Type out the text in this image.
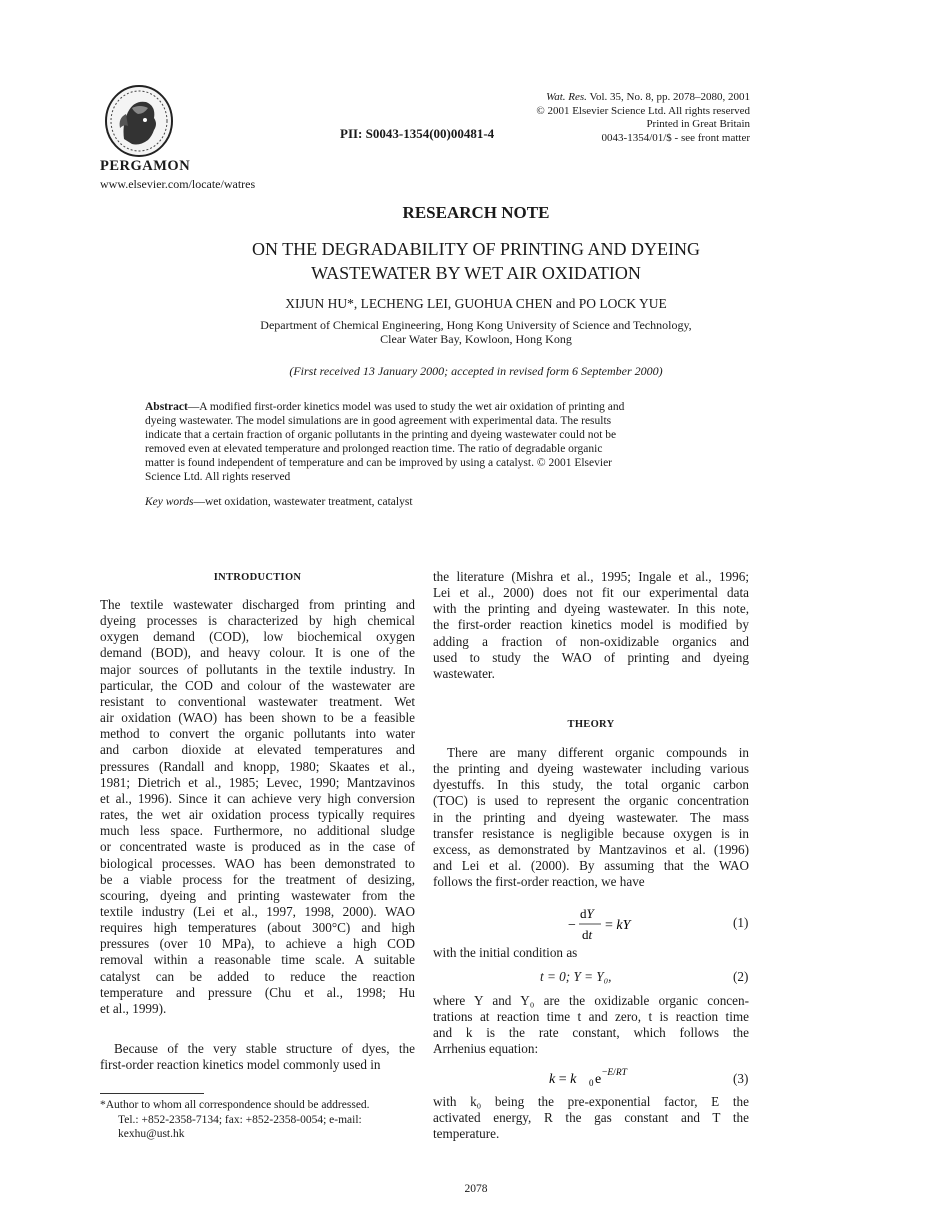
PERGAMON
www.elsevier.com/locate/watres
PII: S0043-1354(00)00481-4
Wat. Res. Vol. 35, No. 8, pp. 2078–2080, 2001
© 2001 Elsevier Science Ltd. All rights reserved
Printed in Great Britain
0043-1354/01/$ - see front matter
RESEARCH NOTE
ON THE DEGRADABILITY OF PRINTING AND DYEING
WASTEWATER BY WET AIR OXIDATION
XIJUN HU*, LECHENG LEI, GUOHUA CHEN and PO LOCK YUE
Department of Chemical Engineering, Hong Kong University of Science and Technology,
Clear Water Bay, Kowloon, Hong Kong
(First received 13 January 2000; accepted in revised form 6 September 2000)
Abstract—A modified first-order kinetics model was used to study the wet air oxidation of printing and
dyeing wastewater. The model simulations are in good agreement with experimental data. The results
indicate that a certain fraction of organic pollutants in the printing and dyeing wastewater could not be
removed even at elevated temperature and prolonged reaction time. The ratio of degradable organic
matter is found independent of temperature and can be improved by using a catalyst. © 2001 Elsevier
Science Ltd. All rights reserved
Key words—wet oxidation, wastewater treatment, catalyst
INTRODUCTION
The textile wastewater discharged from printing and
dyeing processes is characterized by high chemical
oxygen demand (COD), low biochemical oxygen
demand (BOD), and heavy colour. It is one of the
major sources of pollutants in the textile industry. In
particular, the COD and colour of the wastewater are
resistant to conventional wastewater treatment. Wet
air oxidation (WAO) has been shown to be a feasible
method to convert the organic pollutants into water
and carbon dioxide at elevated temperatures and
pressures (Randall and knopp, 1980; Skaates et al.,
1981; Dietrich et al., 1985; Levec, 1990; Mantzavinos
et al., 1996). Since it can achieve very high conversion
rates, the wet air oxidation process typically requires
much less space. Furthermore, no additional sludge
or concentrated waste is produced as in the case of
biological processes. WAO has been demonstrated to
be a viable process for the treatment of desizing,
scouring, dyeing and printing wastewater from the
textile industry (Lei et al., 1997, 1998, 2000). WAO
requires high temperatures (about 300°C) and high
pressures (over 10 MPa), to achieve a high COD
removal within a reasonable time scale. A suitable
catalyst can be added to reduce the reaction
temperature and pressure (Chu et al., 1998; Hu
et al., 1999).
Because of the very stable structure of dyes, the
first-order reaction kinetics model commonly used in
*Author to whom all correspondence should be addressed.
Tel.: +852-2358-7134; fax: +852-2358-0054; e-mail:
kexhu@ust.hk
the literature (Mishra et al., 1995; Ingale et al., 1996;
Lei et al., 2000) does not fit our experimental data
with the printing and dyeing wastewater. In this note,
the first-order reaction kinetics model is modified by
adding a fraction of non-oxidizable organics and
used to study the WAO of printing and dyeing
wastewater.
THEORY
There are many different organic compounds in
the printing and dyeing wastewater including various
dyestuffs. In this study, the total organic carbon
(TOC) is used to represent the organic concentration
in the printing and dyeing wastewater. The mass
transfer resistance is negligible because oxygen is in
excess, as demonstrated by Mantzavinos et al. (1996)
and Lei et al. (2000). By assuming that the WAO
follows the first-order reaction, we have
−
dY
dt
= kY	(1)
with the initial condition as
t = 0; Y = Y₀,	(2)
where Y and Y₀ are the oxidizable organic concen-
trations at reaction time t and zero, t is reaction time
and k is the rate constant, which follows the
Arrhenius equation:
k = k 0 e −E/RT	(3)
with k₀ being the pre-exponential factor, E the
activated energy, R the gas constant and T the
temperature.
2078
